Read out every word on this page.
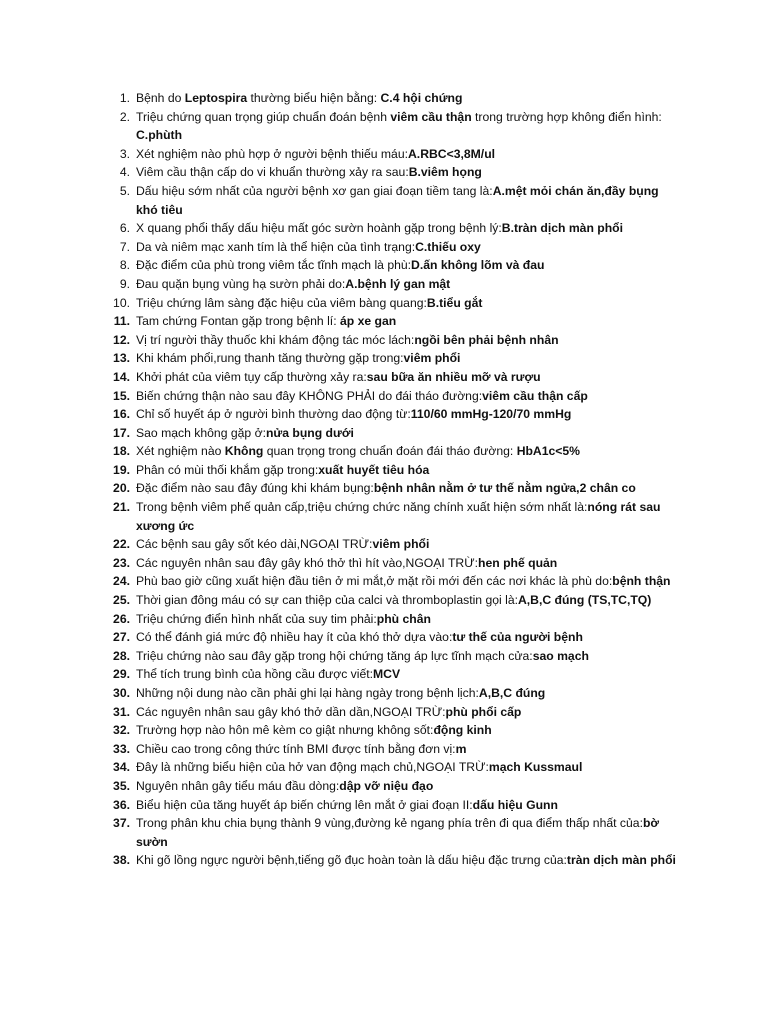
1. Bệnh do Leptospira thường biểu hiện bằng: C.4 hội chứng
2. Triệu chứng quan trọng giúp chuẩn đoán bệnh viêm cầu thận trong trường hợp không điển hình: C.phùth
3. Xét nghiệm nào phù hợp ở người bệnh thiếu máu:A.RBC<3,8M/ul
4. Viêm cầu thận cấp do vi khuẩn thường xảy ra sau:B.viêm họng
5. Dấu hiệu sớm nhất của người bệnh xơ gan giai đoạn tiềm tang là:A.mệt mỏi chán ăn,đầy bụng khó tiêu
6. X quang phổi thấy dấu hiệu mất góc sườn hoành gặp trong bệnh lý:B.tràn dịch màn phổi
7. Da và niêm mạc xanh tím là thể hiện của tình trạng:C.thiếu oxy
8. Đặc điểm của phù trong viêm tắc tĩnh mạch là phù:D.ấn không lõm và đau
9. Đau quặn bụng vùng hạ sườn phải do:A.bệnh lý gan mật
10. Triệu chứng lâm sàng đặc hiệu của viêm bàng quang:B.tiểu gắt
11. Tam chứng Fontan gặp trong bệnh lí: áp xe gan
12. Vị trí người thầy thuốc khi khám động tác móc lách:ngồi bên phải bệnh nhân
13. Khi khám phổi,rung thanh tăng thường gặp trong:viêm phổi
14. Khởi phát của viêm tụy cấp thường xảy ra:sau bữa ăn nhiều mỡ và rượu
15. Biến chứng thận nào sau đây KHÔNG PHẢI do đái tháo đường:viêm cầu thận cấp
16. Chỉ số huyết áp ở người bình thường dao động từ:110/60 mmHg-120/70 mmHg
17. Sao mạch không gặp ở:nửa bụng dưới
18. Xét nghiệm nào Không quan trọng trong chuẩn đoán đái tháo đường: HbA1c<5%
19. Phân có mùi thối khắm gặp trong:xuất huyết tiêu hóa
20. Đặc điểm nào sau đây đúng khi khám bụng:bệnh nhân nằm ở tư thế nằm ngửa,2 chân co
21. Trong bệnh viêm phế quản cấp,triệu chứng chức năng chính xuất hiện sớm nhất là:nóng rát sau xương ức
22. Các bệnh sau gây sốt kéo dài,NGOẠI TRỪ:viêm phổi
23. Các nguyên nhân sau đây gây khó thở thì hít vào,NGOẠI TRỪ:hen phế quản
24. Phù bao giờ cũng xuất hiện đầu tiên ở mi mắt,ở mặt rồi mới đến các nơi khác là phù do:bệnh thận
25. Thời gian đông máu có sự can thiệp của calci và thromboplastin gọi là:A,B,C đúng (TS,TC,TQ)
26. Triệu chứng điển hình nhất của suy tim phải:phù chân
27. Có thể đánh giá mức độ nhiều hay ít của khó thở dựa vào:tư thế của người bệnh
28. Triệu chứng nào sau đây gặp trong hội chứng tăng áp lực tĩnh mạch cửa:sao mạch
29. Thể tích trung bình của hồng cầu được viết:MCV
30. Những nội dung nào cần phải ghi lại hàng ngày trong bệnh lịch:A,B,C đúng
31. Các nguyên nhân sau gây khó thở dần dần,NGOẠI TRỪ:phù phổi cấp
32. Trường hợp nào hôn mê kèm co giật nhưng không sốt:động kinh
33. Chiều cao trong công thức tính BMI được tính bằng đơn vị:m
34. Đây là những biểu hiện của hở van động mạch chủ,NGOẠI TRỪ:mạch Kussmaul
35. Nguyên nhân gây tiểu máu đầu dòng:dập vỡ niệu đạo
36. Biểu hiện của tăng huyết áp biến chứng lên mắt ở giai đoạn II:dấu hiệu Gunn
37. Trong phân khu chia bụng thành 9 vùng,đường kẻ ngang phía trên đi qua điểm thấp nhất của:bờ sườn
38. Khi gõ lồng ngực người bệnh,tiếng gõ đục hoàn toàn là dấu hiệu đặc trưng của:tràn dịch màn phổi
